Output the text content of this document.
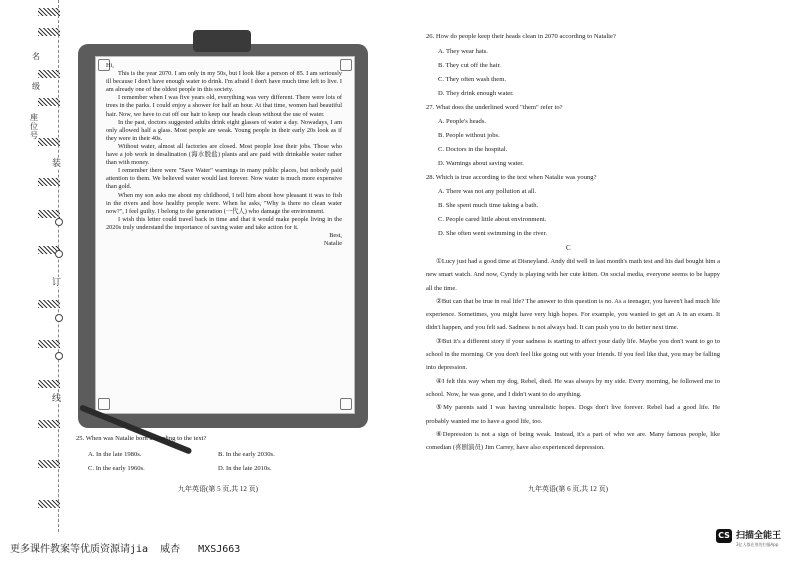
名
级
座位号
装
订
线

Hi,

This is the year 2070. I am only in my 50s, but I look like a person of 85. I am seriously ill because I don't have enough water to drink. I'm afraid I don't have much time left to live. I am already one of the oldest people in this society.

I remember when I was five years old, everything was very different. There were lots of trees in the parks. I could enjoy a shower for half an hour. At that time, women had beautiful hair. Now, we have to cut off our hair to keep our heads clean without the use of water.

In the past, doctors suggested adults drink eight glasses of water a day. Nowadays, I am only allowed half a glass. Most people are weak. Young people in their early 20s look as if they were in their 40s.

Without water, almost all factories are closed. Most people lose their jobs. Those who have a job work in desalination (海水脱盐) plants and are paid with drinkable water rather than with money.

I remember there were "Save Water" warnings in many public places, but nobody paid attention to them. We believed water would last forever. Now water is much more expensive than gold.

When my son asks me about my childhood, I tell him about how pleasant it was to fish in the rivers and how healthy people were. When he asks, "Why is there no clean water now?", I feel guilty. I belong to the generation (一代人) who damage the environment.

I wish this letter could travel back in time and that it would make people living in the 2020s truly understand the importance of saving water and take action for it.

Best,

Natalie

25. When was Natalie born according to the text?
A. In the late 1980s.	B. In the early 2030s.
C. In the early 1960s.	D. In the late 2010s.
九年英语(第 5 页,共 12 页)
26. How do people keep their heads clean in 2070 according to Natalie?
A. They wear hats.
B. They cut off the hair.
C. They often wash them.
D. They drink enough water.
27. What does the underlined word "them" refer to?
A. People's heads.
B. People without jobs.
C. Doctors in the hospital.
D. Warnings about saving water.
28. Which is true according to the text when Natalie was young?
A. There was not any pollution at all.
B. She spent much time taking a bath.
C. People cared little about environment.
D. She often went swimming in the river.
C

①Lucy just had a good time at Disneyland. Andy did well in last month's math test and his dad bought him a new smart watch. And now, Cyndy is playing with her cute kitten. On social media, everyone seems to be happy all the time.

②But can that be true in real life? The answer to this question is no. As a teenager, you haven't had much life experience. Sometimes, you might have very high hopes. For example, you wanted to get an A in an exam. It didn't happen, and you felt sad. Sadness is not always bad. It can push you to do better next time.

③But it's a different story if your sadness is starting to affect your daily life. Maybe you don't want to go to school in the morning. Or you don't feel like going out with your friends. If you feel like that, you may be falling into depression.

④I felt this way when my dog, Rebel, died. He was always by my side. Every morning, he followed me to school. Now, he was gone, and I didn't want to do anything.

⑤My parents said I was having unrealistic hopes. Dogs don't live forever. Rebel had a good life. He probably wanted me to have a good life, too.

⑥Depression is not a sign of being weak. Instead, it's a part of who we are. Many famous people, like comedian (喜剧演员) Jim Carrey, have also experienced depression.

九年英语(第 6 页,共 12 页)
更多课件教案等优质资源请jia  威杏   MXSJ663
CS 扫描全能王
3亿人都在用的扫描App
